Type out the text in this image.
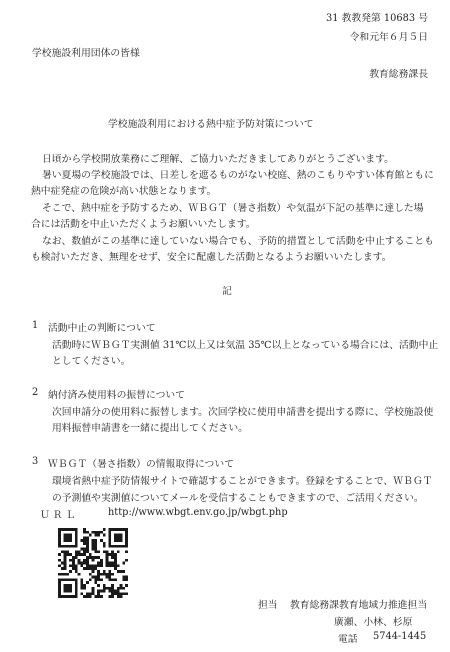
31 教教発第 10683 号
令和元年６月５日
学校施設利用団体の皆様
教育総務課長
学校施設利用における熱中症予防対策について
日頃から学校開放業務にご理解、ご協力いただきましてありがとうございます。
暑い夏場の学校施設では、日差しを遮るものがない校庭、熱のこもりやすい体育館ともに
熱中症発症の危険が高い状態となります。
そこで、熱中症を予防するため、ＷＢＧＴ（暑さ指数）や気温が下記の基準に達した場
合には活動を中止いただくようお願いいたします。
なお、数値がこの基準に達していない場合でも、予防的措置として活動を中止することも
も検討いただき、無理をせず、安全に配慮した活動となるようお願いいたします。
記
1 活動中止の判断について
活動時にＷＢＧＴ実測値 31℃以上又は気温 35℃以上となっている場合には、活動中止
としてください。
2 納付済み使用料の振替について
次回申請分の使用料に振替します。次回学校に使用申請書を提出する際に、学校施設使
用料振替申請書を一緒に提出してください。
3 ＷＢＧＴ（暑さ指数）の情報取得について
環境省熱中症予防情報サイトで確認することができます。登録をすることで、ＷＢＧＴ
の予測値や実測値についてメールを受信することもできますので、ご活用ください。
ＵＲＬ	http://www.wbgt.env.go.jp/wbgt.php
担当 教育総務課教育地域力推進担当
廣瀬、小林、杉原
電話 5744-1445
